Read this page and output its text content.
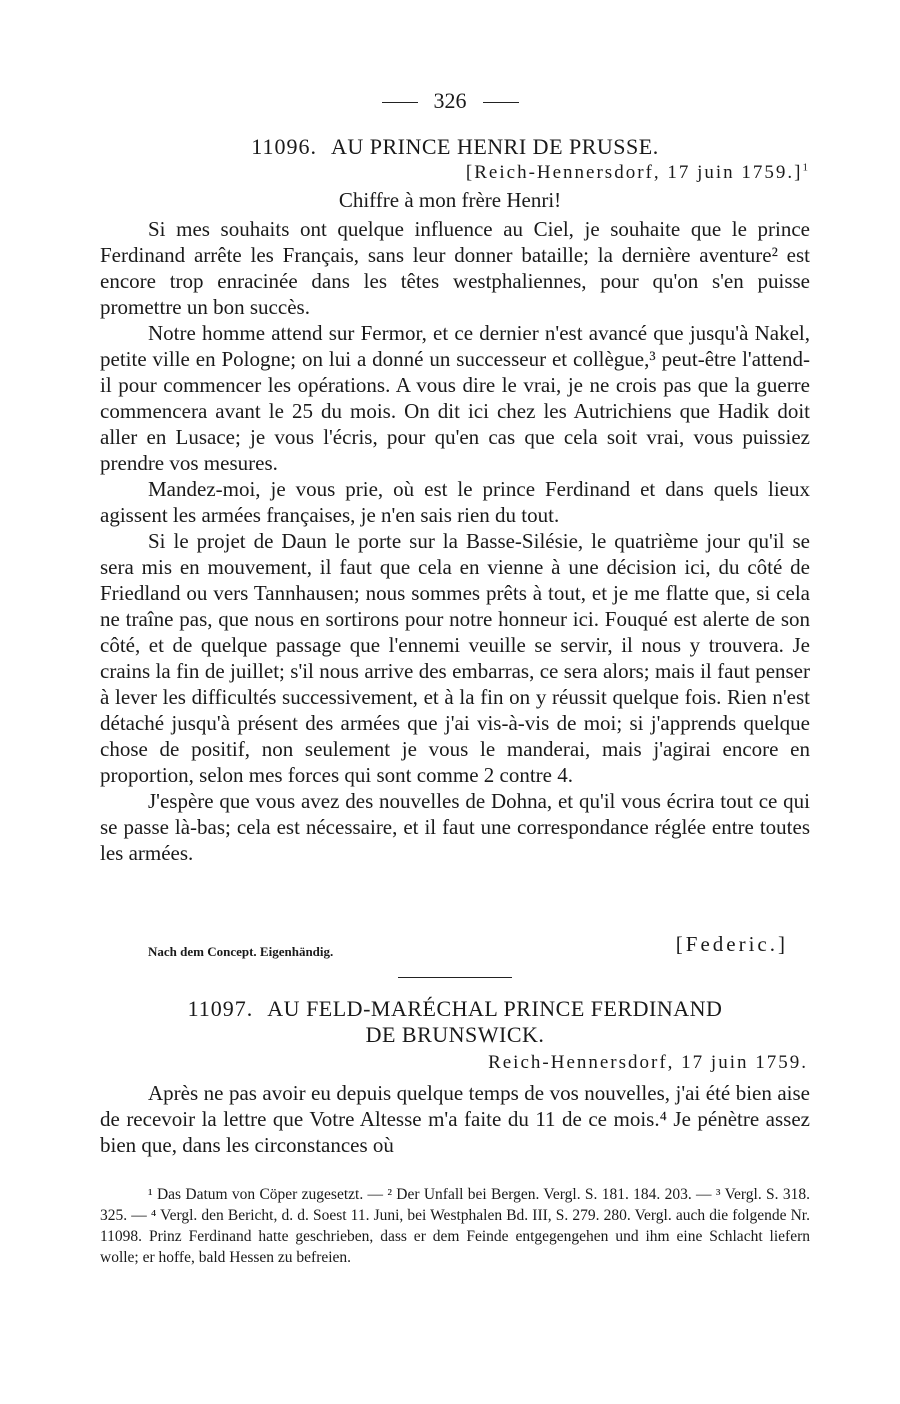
326
11096. AU PRINCE HENRI DE PRUSSE.
[Reich-Hennersdorf, 17 juin 1759.]$^1$
Chiffre à mon frère Henri!

Si mes souhaits ont quelque influence au Ciel, je souhaite que le prince Ferdinand arrête les Français, sans leur donner bataille; la dernière aventure² est encore trop enracinée dans les têtes westphaliennes, pour qu'on s'en puisse promettre un bon succès.

Notre homme attend sur Fermor, et ce dernier n'est avancé que jusqu'à Nakel, petite ville en Pologne; on lui a donné un successeur et collègue,³ peut-être l'attend-il pour commencer les opérations. A vous dire le vrai, je ne crois pas que la guerre commencera avant le 25 du mois. On dit ici chez les Autrichiens que Hadik doit aller en Lusace; je vous l'écris, pour qu'en cas que cela soit vrai, vous puissiez prendre vos mesures.

Mandez-moi, je vous prie, où est le prince Ferdinand et dans quels lieux agissent les armées françaises, je n'en sais rien du tout.

Si le projet de Daun le porte sur la Basse-Silésie, le quatrième jour qu'il se sera mis en mouvement, il faut que cela en vienne à une décision ici, du côté de Friedland ou vers Tannhausen; nous sommes prêts à tout, et je me flatte que, si cela ne traîne pas, que nous en sortirons pour notre honneur ici. Fouqué est alerte de son côté, et de quelque passage que l'ennemi veuille se servir, il nous y trouvera. Je crains la fin de juillet; s'il nous arrive des embarras, ce sera alors; mais il faut penser à lever les difficultés successivement, et à la fin on y réussit quelque fois. Rien n'est détaché jusqu'à présent des armées que j'ai vis-à-vis de moi; si j'apprends quelque chose de positif, non seulement je vous le manderai, mais j'agirai encore en proportion, selon mes forces qui sont comme 2 contre 4.

J'espère que vous avez des nouvelles de Dohna, et qu'il vous écrira tout ce qui se passe là-bas; cela est nécessaire, et il faut une correspondance réglée entre toutes les armées.

Nach dem Concept. Eigenhändig.	[Federic.]
11097. AU FELD-MARÉCHAL PRINCE FERDINAND
DE BRUNSWICK.
Reich-Hennersdorf, 17 juin 1759.

Après ne pas avoir eu depuis quelque temps de vos nouvelles, j'ai été bien aise de recevoir la lettre que Votre Altesse m'a faite du 11 de ce mois.⁴ Je pénètre assez bien que, dans les circonstances où

¹ Das Datum von Cöper zugesetzt. — ² Der Unfall bei Bergen. Vergl. S. 181. 184. 203. — ³ Vergl. S. 318. 325. — ⁴ Vergl. den Bericht, d. d. Soest 11. Juni, bei Westphalen Bd. III, S. 279. 280. Vergl. auch die folgende Nr. 11098. Prinz Ferdinand hatte geschrieben, dass er dem Feinde entgegengehen und ihm eine Schlacht liefern wolle; er hoffe, bald Hessen zu befreien.
